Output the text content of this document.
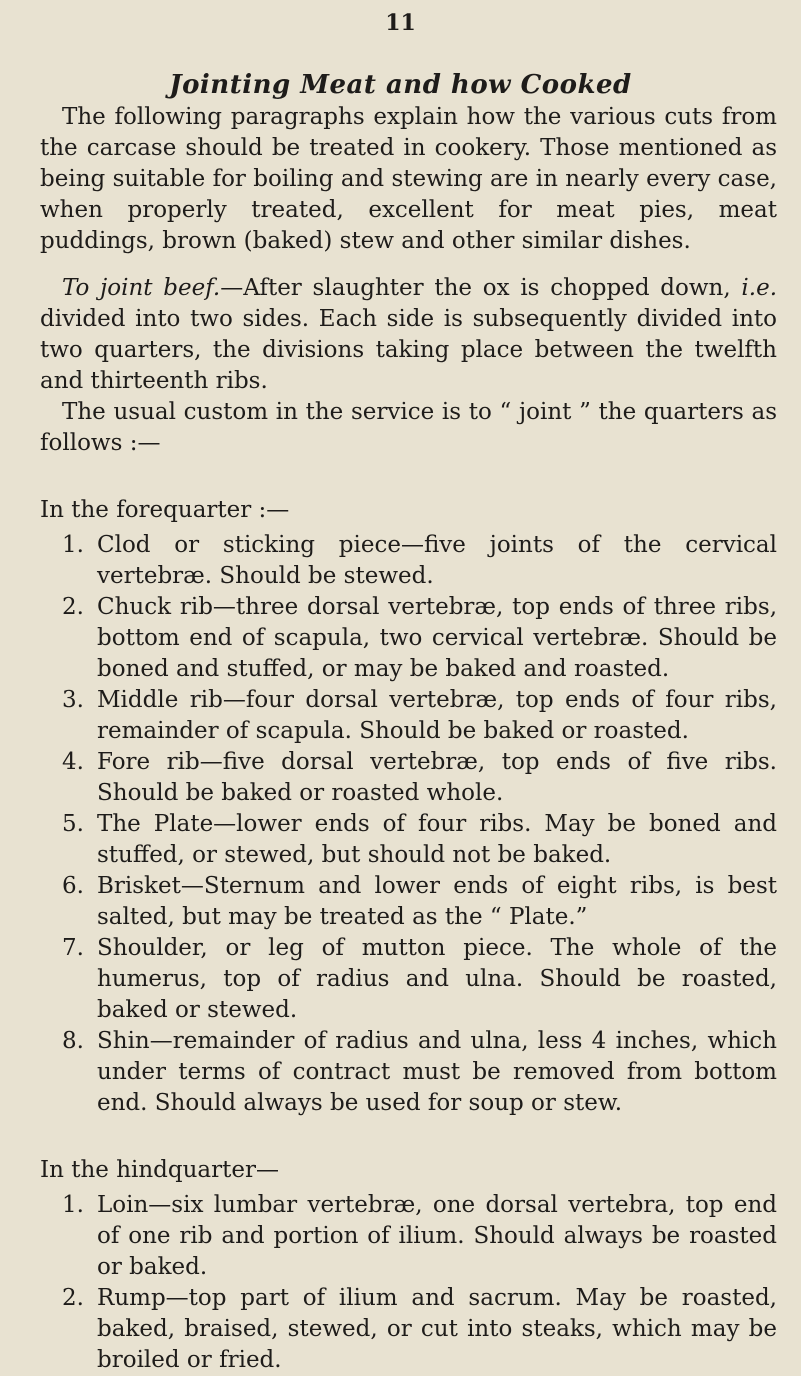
11
Jointing Meat and how Cooked

The following paragraphs explain how the various cuts from the carcase should be treated in cookery. Those mentioned as being suitable for boiling and stewing are in nearly every case, when properly treated, excellent for meat pies, meat puddings, brown (baked) stew and other similar dishes.

To joint beef.—After slaughter the ox is chopped down, i.e. divided into two sides. Each side is subsequently divided into two quarters, the divisions taking place between the twelfth and thirteenth ribs.

The usual custom in the service is to “ joint ” the quarters as follows :—

In the forequarter :—

1. Clod or sticking piece—five joints of the cervical vertebræ. Should be stewed.
2. Chuck rib—three dorsal vertebræ, top ends of three ribs, bottom end of scapula, two cervical vertebræ. Should be boned and stuffed, or may be baked and roasted.
3. Middle rib—four dorsal vertebræ, top ends of four ribs, remainder of scapula. Should be baked or roasted.
4. Fore rib—five dorsal vertebræ, top ends of five ribs. Should be baked or roasted whole.
5. The Plate—lower ends of four ribs. May be boned and stuffed, or stewed, but should not be baked.
6. Brisket—Sternum and lower ends of eight ribs, is best salted, but may be treated as the “ Plate.”
7. Shoulder, or leg of mutton piece. The whole of the humerus, top of radius and ulna. Should be roasted, baked or stewed.
8. Shin—remainder of radius and ulna, less 4 inches, which under terms of contract must be removed from bottom end. Should always be used for soup or stew.

In the hindquarter—

1. Loin—six lumbar vertebræ, one dorsal vertebra, top end of one rib and portion of ilium. Should always be roasted or baked.
2. Rump—top part of ilium and sacrum. May be roasted, baked, braised, stewed, or cut into steaks, which may be broiled or fried.
